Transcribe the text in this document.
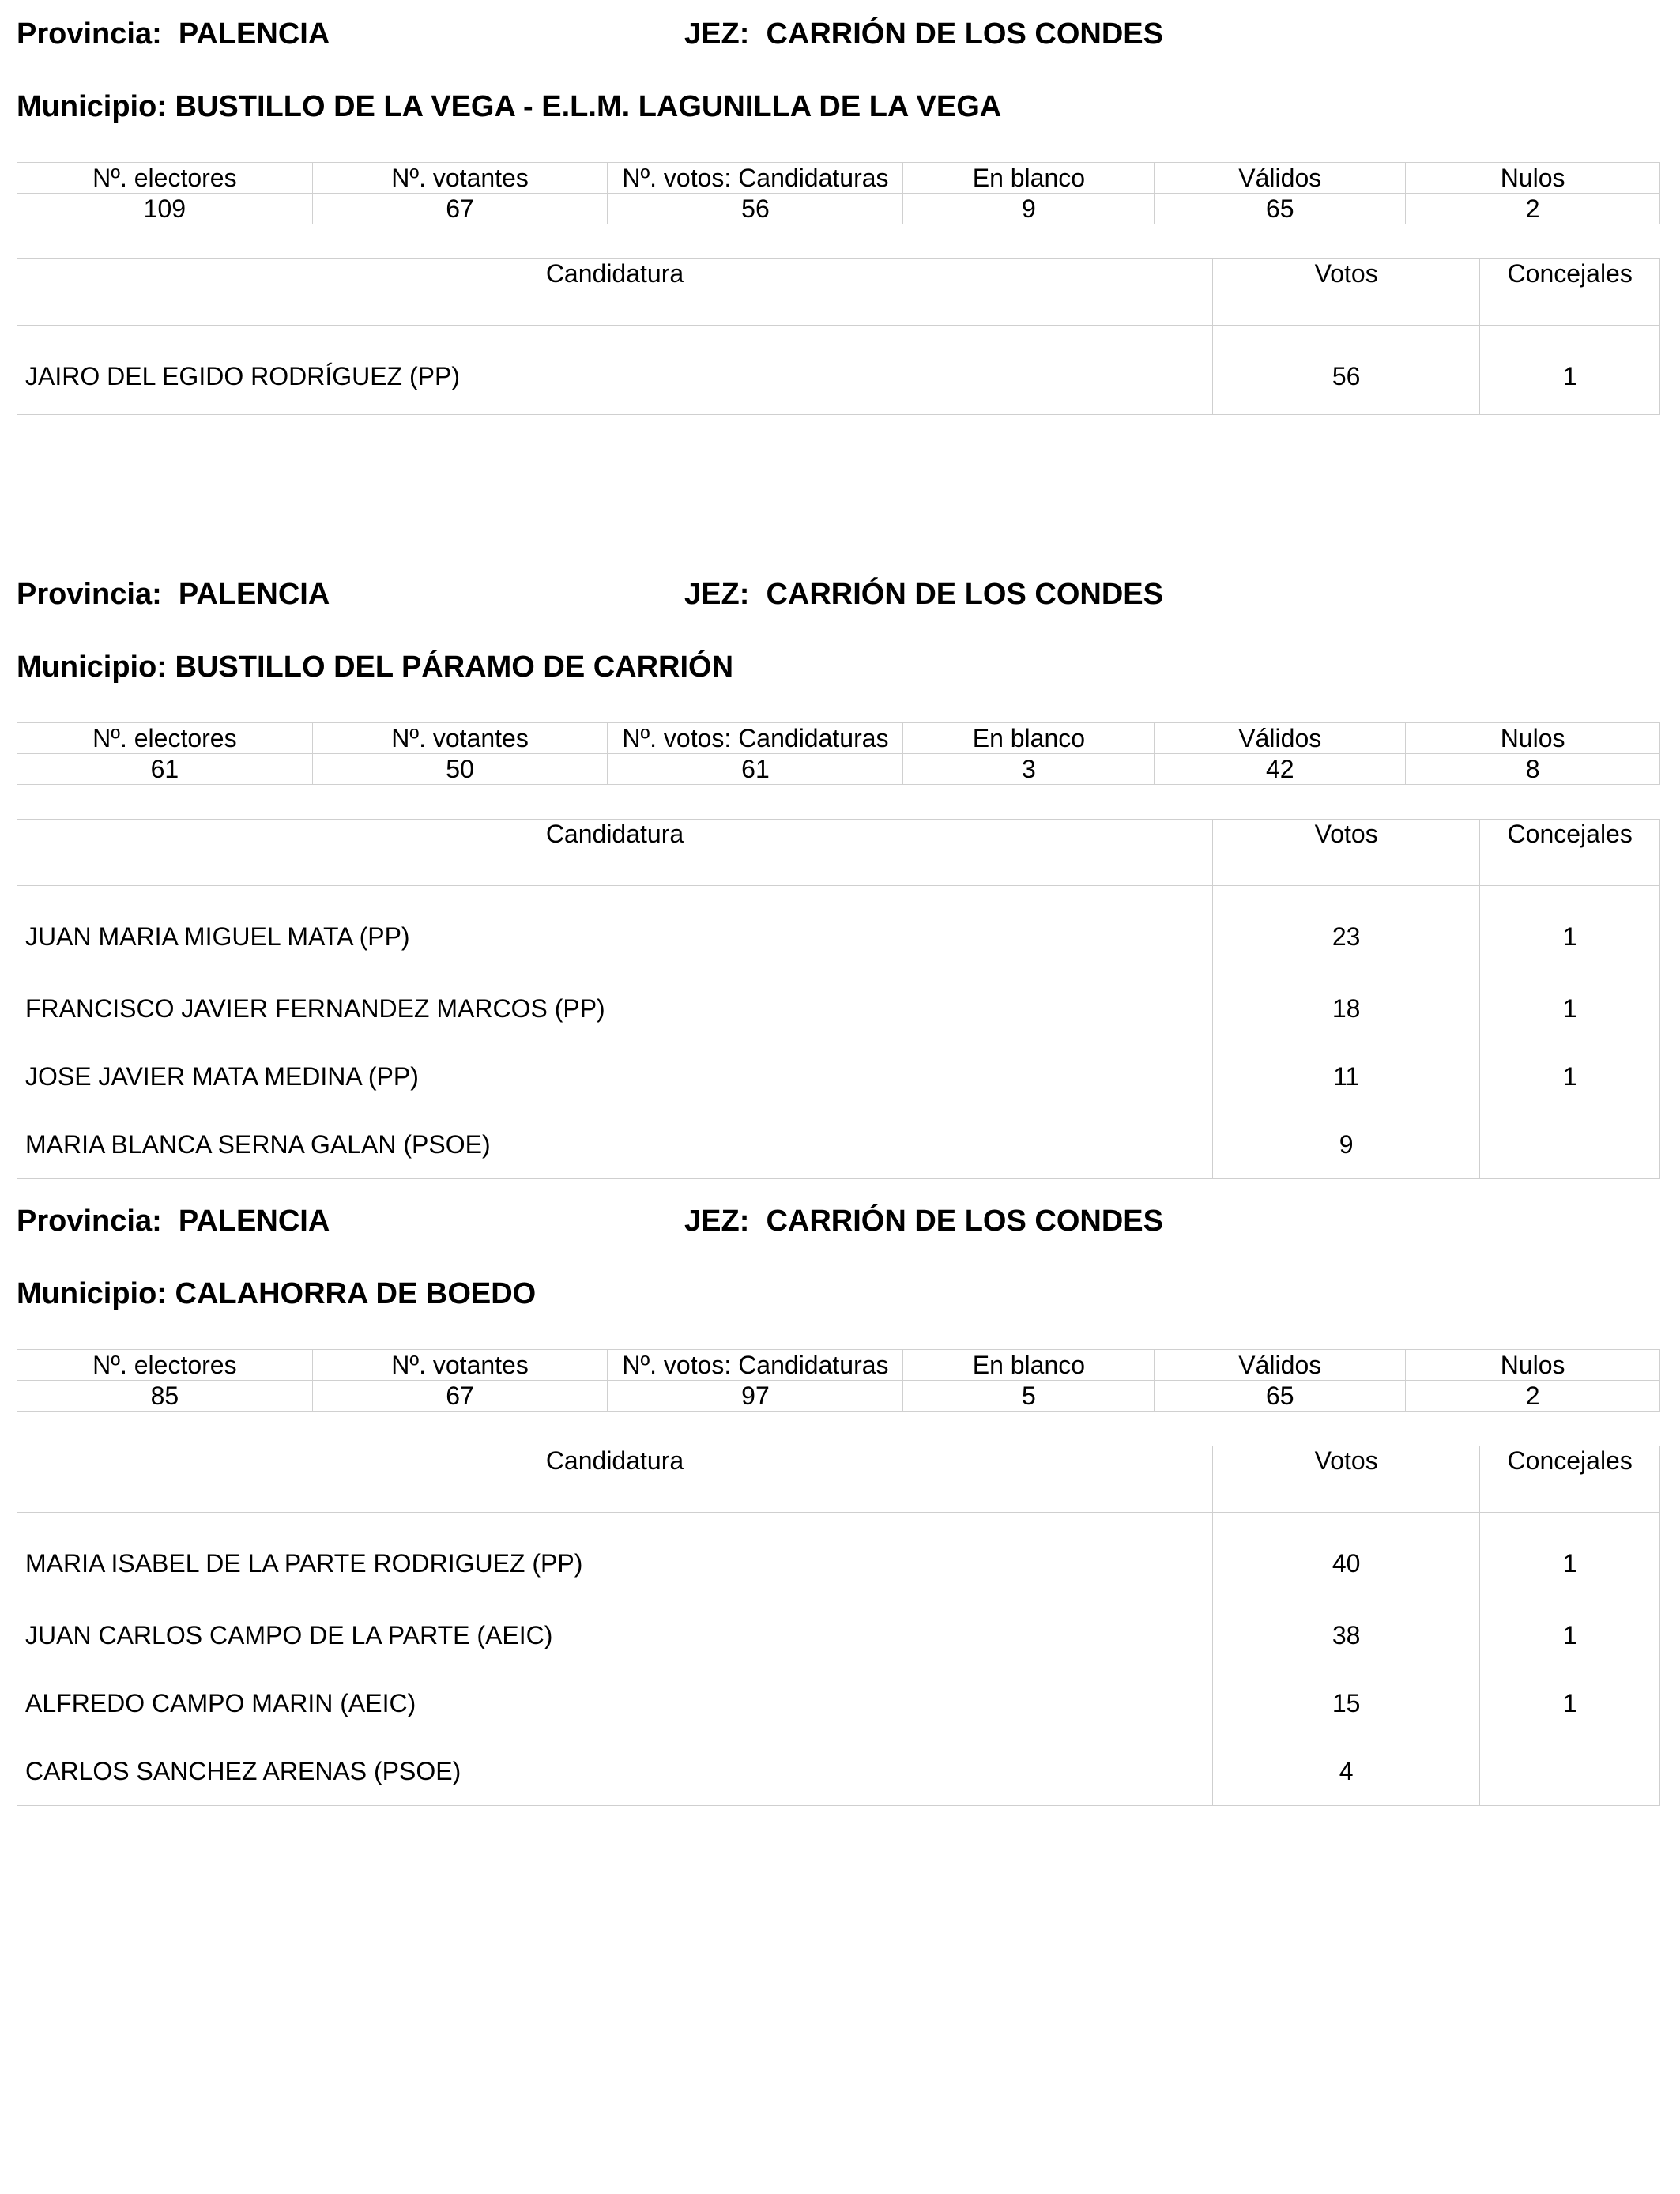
Provincia: PALENCIA	JEZ: CARRIÓN DE LOS CONDES
Municipio: BUSTILLO DE LA VEGA - E.L.M. LAGUNILLA DE LA VEGA
Nº. electores	Nº. votantes	Nº. votos: Candidaturas	En blanco	Válidos	Nulos
109	67	56	9	65	2
Candidatura	Votos	Concejales
JAIRO DEL EGIDO RODRÍGUEZ (PP)	56	1
Provincia: PALENCIA	JEZ: CARRIÓN DE LOS CONDES
Municipio: BUSTILLO DEL PÁRAMO DE CARRIÓN
Nº. electores	Nº. votantes	Nº. votos: Candidaturas	En blanco	Válidos	Nulos
61	50	61	3	42	8
Candidatura	Votos	Concejales
JUAN MARIA MIGUEL MATA (PP)	23	1
FRANCISCO JAVIER FERNANDEZ MARCOS (PP)	18	1
JOSE JAVIER MATA MEDINA (PP)	11	1
MARIA BLANCA SERNA GALAN (PSOE)	9	
Provincia: PALENCIA	JEZ: CARRIÓN DE LOS CONDES
Municipio: CALAHORRA DE BOEDO
Nº. electores	Nº. votantes	Nº. votos: Candidaturas	En blanco	Válidos	Nulos
85	67	97	5	65	2
Candidatura	Votos	Concejales
MARIA ISABEL DE LA PARTE RODRIGUEZ (PP)	40	1
JUAN CARLOS CAMPO DE LA PARTE (AEIC)	38	1
ALFREDO CAMPO MARIN (AEIC)	15	1
CARLOS SANCHEZ ARENAS (PSOE)	4	
